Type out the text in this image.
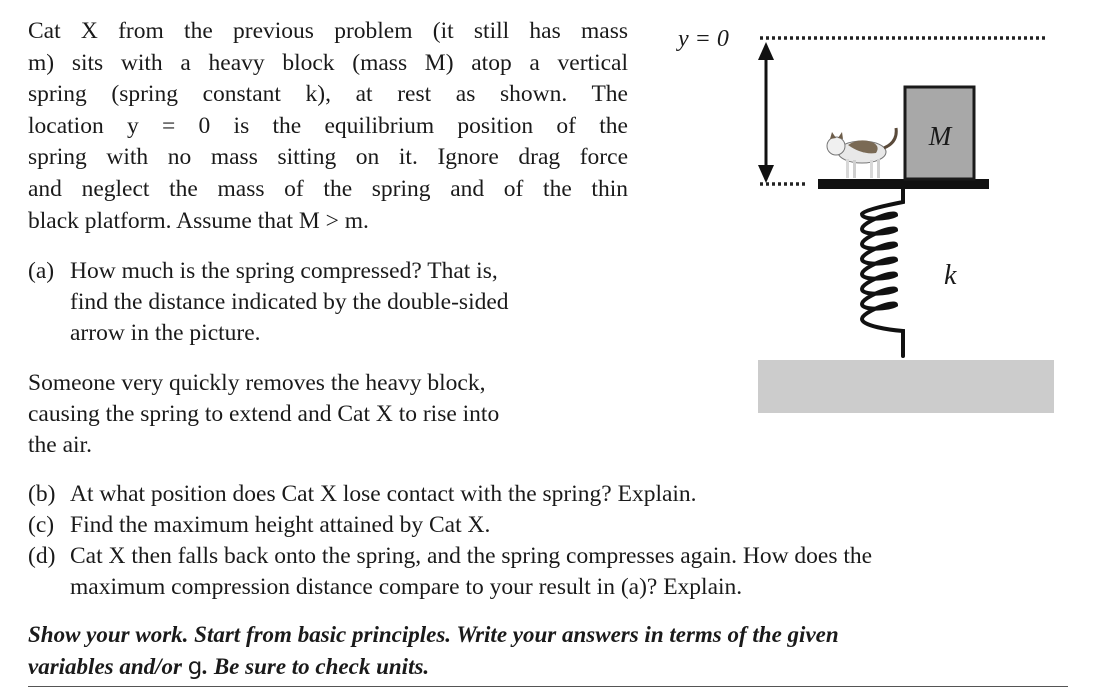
Cat X from the previous problem (it still has mass
m) sits with a heavy block (mass M) atop a vertical
spring (spring constant k), at rest as shown. The
location y = 0 is the equilibrium position of the
spring with no mass sitting on it. Ignore drag force
and neglect the mass of the spring and of the thin
black platform. Assume that M > m.
(a) How much is the spring compressed? That is,
find the distance indicated by the double-sided
arrow in the picture.
Someone very quickly removes the heavy block,
causing the spring to extend and Cat X to rise into
the air.
(b) At what position does Cat X lose contact with the spring? Explain.
(c) Find the maximum height attained by Cat X.
(d) Cat X then falls back onto the spring, and the spring compresses again. How does the
maximum compression distance compare to your result in (a)? Explain.
Show your work. Start from basic principles. Write your answers in terms of the given
variables and/or g. Be sure to check units.
y = 0
M
k
